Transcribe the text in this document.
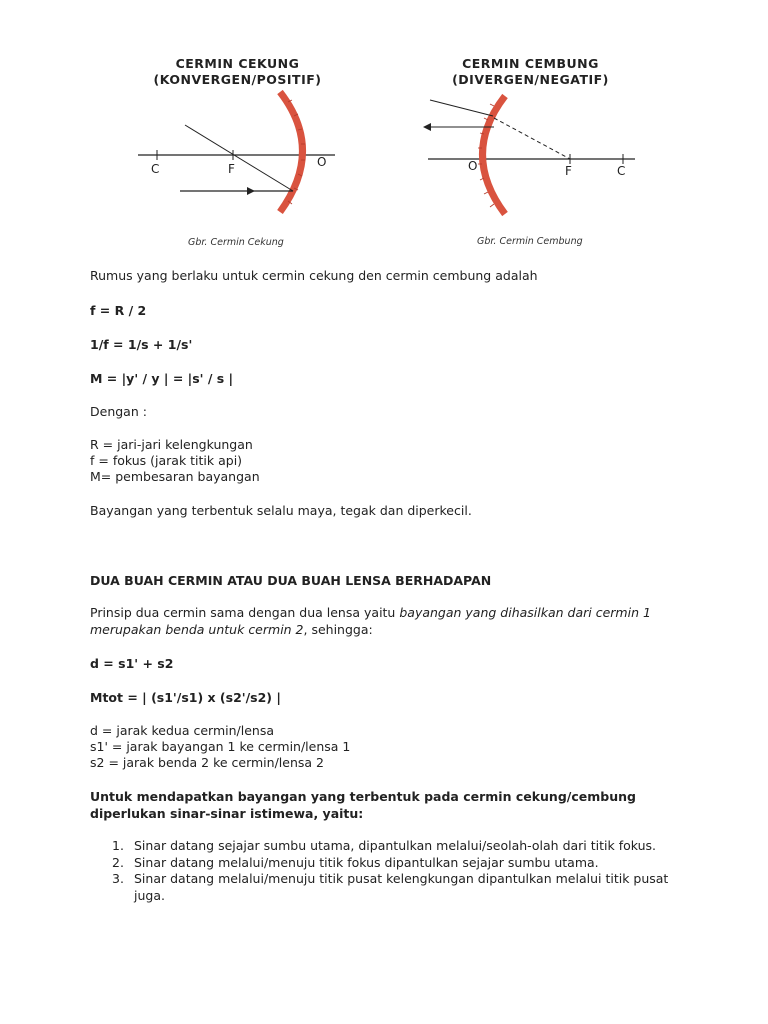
CERMIN CEKUNG
(KONVERGEN/POSITIF)
C	F	O
Gbr. Cermin Cekung
CERMIN CEMBUNG
(DIVERGEN/NEGATIF)
O	F	C
Gbr. Cermin Cembung
Rumus yang berlaku untuk cermin cekung den cermin cembung adalah
f = R / 2
1/f = 1/s + 1/s'
M = |y' / y | = |s' / s |
Dengan :
R = jari-jari kelengkungan
f = fokus (jarak titik api)
M= pembesaran bayangan
Bayangan yang terbentuk selalu maya, tegak dan diperkecil.
DUA BUAH CERMIN ATAU DUA BUAH LENSA BERHADAPAN
Prinsip dua cermin sama dengan dua lensa yaitu bayangan yang dihasilkan dari cermin 1
merupakan benda untuk cermin 2, sehingga:
d = s1' + s2
Mtot = | (s1'/s1) x (s2'/s2) |
d = jarak kedua cermin/lensa
s1' = jarak bayangan 1 ke cermin/lensa 1
s2 = jarak benda 2 ke cermin/lensa 2
Untuk mendapatkan bayangan yang terbentuk pada cermin cekung/cembung
diperlukan sinar-sinar istimewa, yaitu:
1. Sinar datang sejajar sumbu utama, dipantulkan melalui/seolah-olah dari titik fokus.
2. Sinar datang melalui/menuju titik fokus dipantulkan sejajar sumbu utama.
3. Sinar datang melalui/menuju titik pusat kelengkungan dipantulkan melalui titik pusat
juga.
